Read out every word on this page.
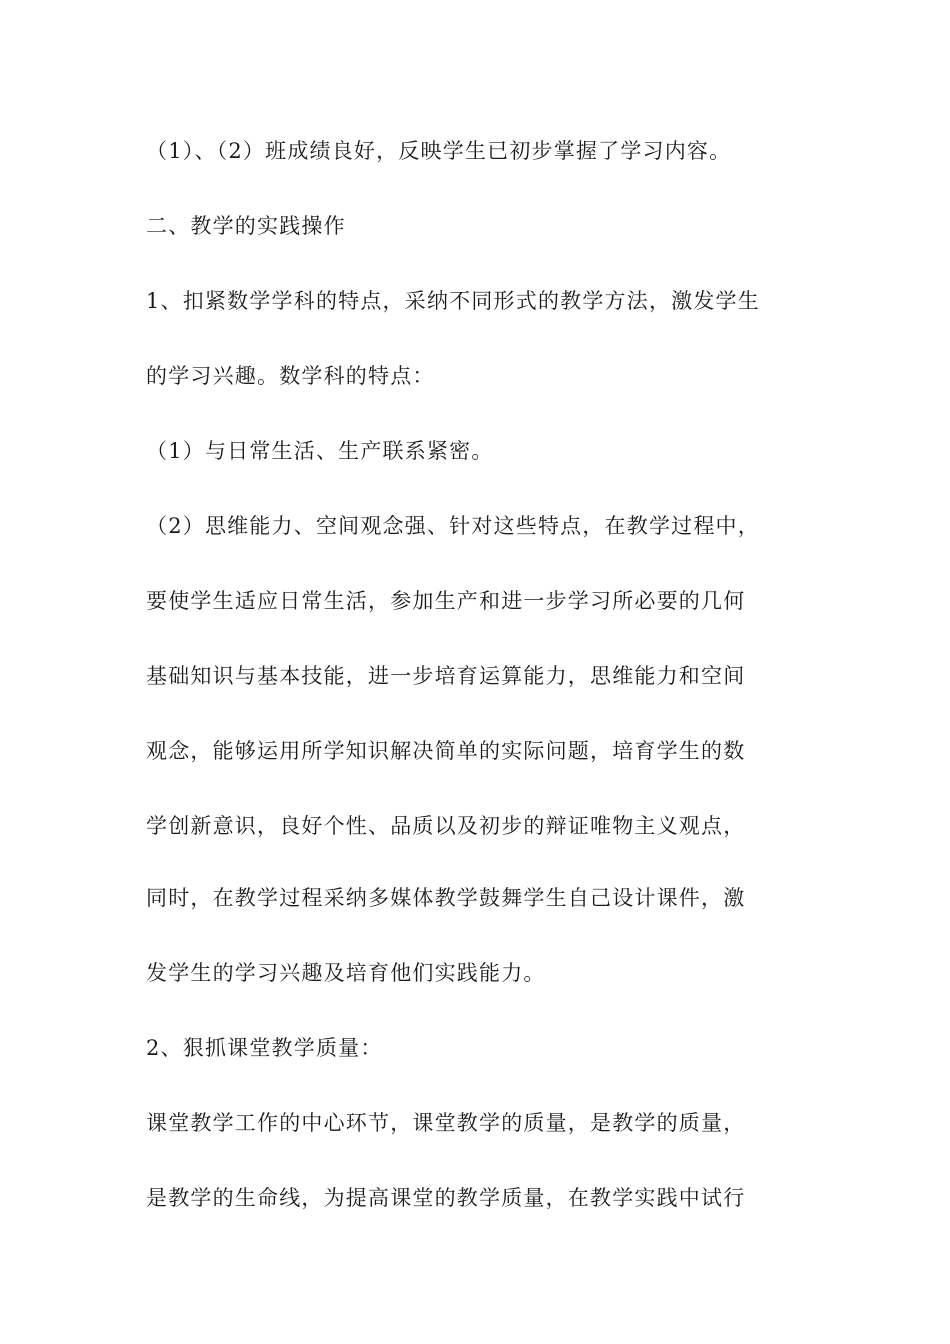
（1）、（2）班成绩良好，反映学生已初步掌握了学习内容。
二、教学的实践操作
1、扣紧数学学科的特点，采纳不同形式的教学方法，激发学生
的学习兴趣。数学科的特点：
（1）与日常生活、生产联系紧密。
（2）思维能力、空间观念强、针对这些特点，在教学过程中，
要使学生适应日常生活，参加生产和进一步学习所必要的几何
基础知识与基本技能，进一步培育运算能力，思维能力和空间
观念，能够运用所学知识解决简单的实际问题，培育学生的数
学创新意识，良好个性、品质以及初步的辩证唯物主义观点，
同时，在教学过程采纳多媒体教学鼓舞学生自己设计课件，激
发学生的学习兴趣及培育他们实践能力。
2、狠抓课堂教学质量：
课堂教学工作的中心环节，课堂教学的质量，是教学的质量，
是教学的生命线，为提高课堂的教学质量，在教学实践中试行
